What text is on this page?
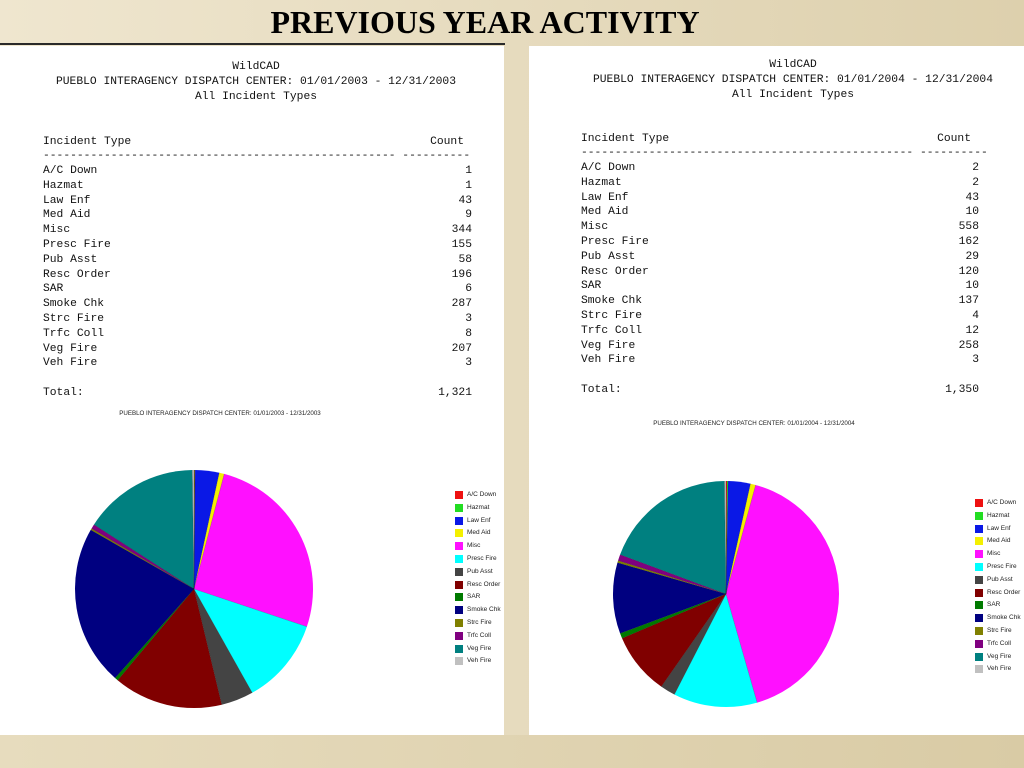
PREVIOUS YEAR ACTIVITY

WildCAD

PUEBLO INTERAGENCY DISPATCH CENTER: 01/01/2003 - 12/31/2003

All Incident Types

Incident Type

	Count

---------------------------------------------------- ----------

A/C Down	1
Hazmat	1
Law Enf	43
Med Aid	9
Misc	344
Presc Fire	155
Pub Asst	58
Resc Order	196
SAR	6
Smoke Chk	287
Strc Fire	3
Trfc Coll	8
Veg Fire	207
Veh Fire	3

Total:

	1,321

PUEBLO INTERAGENCY DISPATCH CENTER: 01/01/2003 - 12/31/2003
A/C Down
Hazmat
Law Enf
Med Aid
Misc
Presc Fire
Pub Asst
Resc Order
SAR
Smoke Chk
Strc Fire
Trfc Coll
Veg Fire
Veh Fire

WildCAD

PUEBLO INTERAGENCY DISPATCH CENTER: 01/01/2004 - 12/31/2004

All Incident Types

Incident Type

	Count

------------------------------------------------- ----------

A/C Down	2
Hazmat	2
Law Enf	43
Med Aid	10
Misc	558
Presc Fire	162
Pub Asst	29
Resc Order	120
SAR	10
Smoke Chk	137
Strc Fire	4
Trfc Coll	12
Veg Fire	258
Veh Fire	3

Total:

	1,350

PUEBLO INTERAGENCY DISPATCH CENTER: 01/01/2004 - 12/31/2004
A/C Down
Hazmat
Law Enf
Med Aid
Misc
Presc Fire
Pub Asst
Resc Order
SAR
Smoke Chk
Strc Fire
Trfc Coll
Veg Fire
Veh Fire
